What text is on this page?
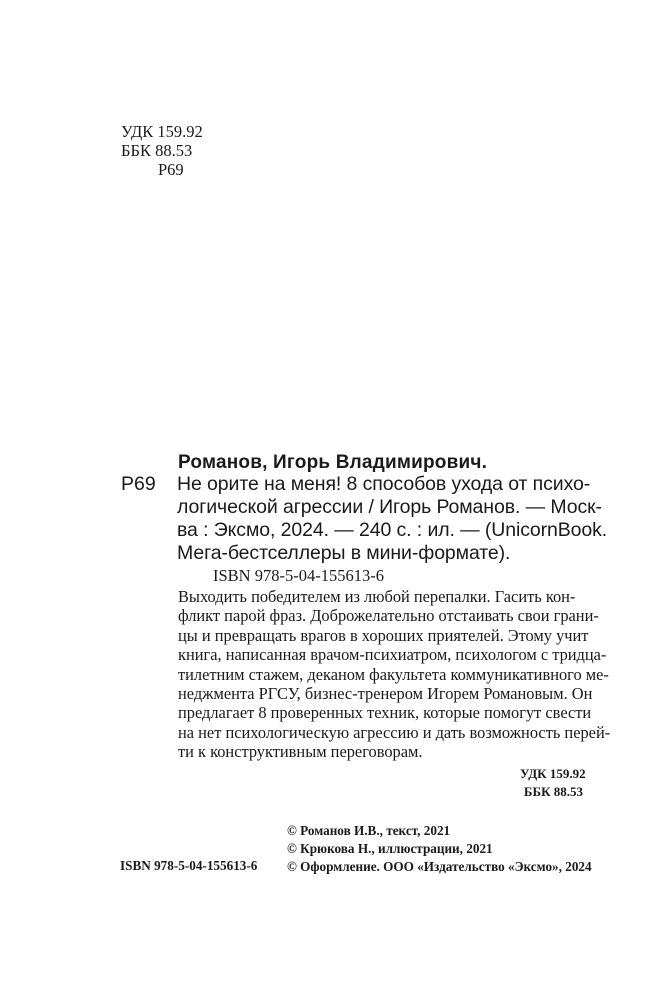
УДК 159.92
ББК 88.53
Р69
Романов, Игорь Владимирович.
Р69 Не орите на меня! 8 способов ухода от психо-
логической агрессии / Игорь Романов. — Моск-
ва : Эксмо, 2024. — 240 с. : ил. — (UnicornBook.
Мега-бестселлеры в мини-формате).
ISBN 978-5-04-155613-6
Выходить победителем из любой перепалки. Гасить кон-
фликт парой фраз. Доброжелательно отстаивать свои грани-
цы и превращать врагов в хороших приятелей. Этому учит
книга, написанная врачом-психиатром, психологом с тридца-
тилетним стажем, деканом факультета коммуникативного ме-
неджмента РГСУ, бизнес-тренером Игорем Романовым. Он
предлагает 8 проверенных техник, которые помогут свести
на нет психологическую агрессию и дать возможность перей-
ти к конструктивным переговорам.
УДК 159.92
ББК 88.53
© Романов И.В., текст, 2021
© Крюкова Н., иллюстрации, 2021
© Оформление. ООО «Издательство «Эксмо», 2024
ISBN 978-5-04-155613-6
